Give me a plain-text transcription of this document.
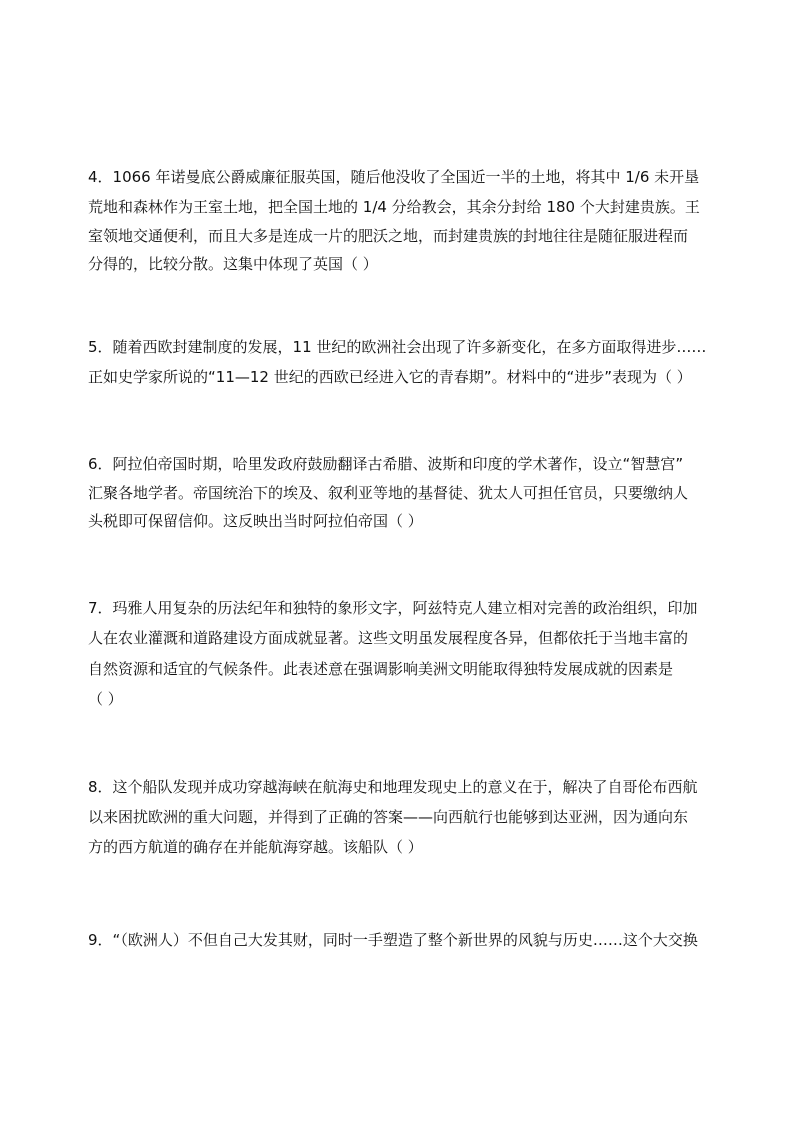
4．1066 年诺曼底公爵威廉征服英国，随后他没收了全国近一半的土地，将其中 1/6 未开垦
荒地和森林作为王室土地，把全国土地的 1/4 分给教会，其余分封给 180 个大封建贵族。王
室领地交通便利，而且大多是连成一片的肥沃之地，而封建贵族的封地往往是随征服进程而
分得的，比较分散。这集中体现了英国（ ）
5．随着西欧封建制度的发展，11 世纪的欧洲社会出现了许多新变化，在多方面取得进步……
正如史学家所说的“11—12 世纪的西欧已经进入它的青春期”。材料中的“进步”表现为（ ）
6．阿拉伯帝国时期，哈里发政府鼓励翻译古希腊、波斯和印度的学术著作，设立“智慧宫”
汇聚各地学者。帝国统治下的埃及、叙利亚等地的基督徒、犹太人可担任官员，只要缴纳人
头税即可保留信仰。这反映出当时阿拉伯帝国（ ）
7．玛雅人用复杂的历法纪年和独特的象形文字，阿兹特克人建立相对完善的政治组织，印加
人在农业灌溉和道路建设方面成就显著。这些文明虽发展程度各异，但都依托于当地丰富的
自然资源和适宜的气候条件。此表述意在强调影响美洲文明能取得独特发展成就的因素是
（ ）
8．这个船队发现并成功穿越海峡在航海史和地理发现史上的意义在于，解决了自哥伦布西航
以来困扰欧洲的重大问题，并得到了正确的答案——向西航行也能够到达亚洲，因为通向东
方的西方航道的确存在并能航海穿越。该船队（ ）
9．“（欧洲人）不但自己大发其财，同时一手塑造了整个新世界的风貌与历史……这个大交换
